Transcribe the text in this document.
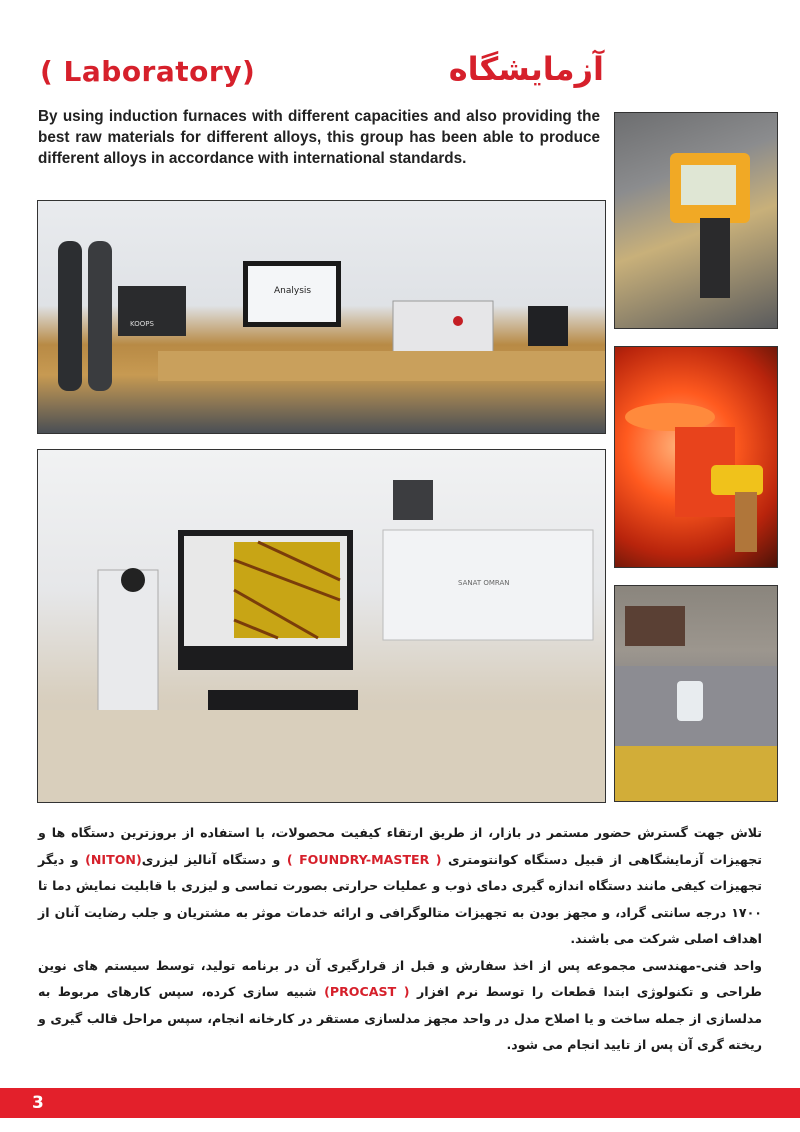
( Laboratory)	آزمایشگاه
By using induction furnaces with different capacities and also providing the best raw materials for different alloys, this group has been able to produce different alloys in accordance with international standards.
KOOPS
Analysis
SANAT OMRAN

تلاش جهت گسترش حضور مستمر در بازار، از طریق ارتقاء کیفیت محصولات، با استفاده از بروزترین دستگاه ها و تجهیزات آزمایشگاهی از قبیل دستگاه کوانتومتری ( FOUNDRY-MASTER ) و دستگاه آنالیز لیزری(NITON) و دیگر تجهیزات کیفی مانند دستگاه اندازه گیری دمای ذوب و عملیات حرارتی بصورت تماسی و لیزری با قابلیت نمایش دما تا ۱۷۰۰ درجه سانتی گراد، و مجهز بودن به تجهیزات متالوگرافی و ارائه خدمات موثر به مشتریان و جلب رضایت آنان از اهداف اصلی شرکت می باشند.

واحد فنی-مهندسی مجموعه پس از اخذ سفارش و قبل از قرارگیری آن در برنامه تولید، توسط سیستم های نوین طراحی و تکنولوژی ابتدا قطعات را توسط نرم افزار ( PROCAST) شبیه سازی کرده، سپس کارهای مربوط به مدلسازی از جمله ساخت و یا اصلاح مدل در واحد مجهز مدلسازی مستقر در کارخانه انجام، سپس مراحل قالب گیری و ریخته گری آن پس از تایید انجام می شود.

3
